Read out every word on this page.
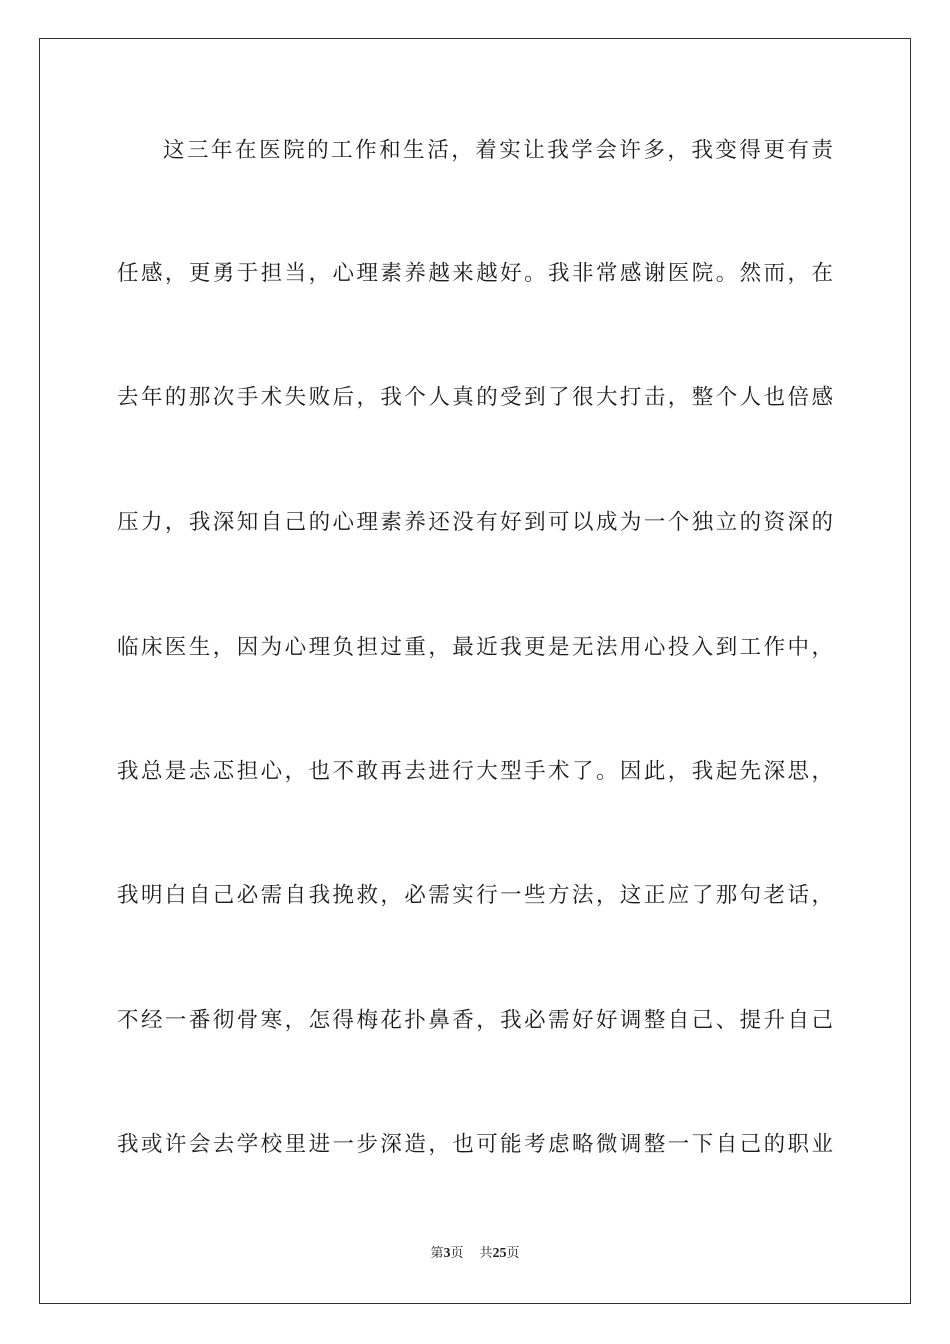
这三年在医院的工作和生活，着实让我学会许多，我变得更有责
任感，更勇于担当，心理素养越来越好。我非常感谢医院。然而，在
去年的那次手术失败后，我个人真的受到了很大打击，整个人也倍感
压力，我深知自己的心理素养还没有好到可以成为一个独立的资深的
临床医生，因为心理负担过重，最近我更是无法用心投入到工作中，
我总是忐忑担心，也不敢再去进行大型手术了。因此，我起先深思，
我明白自己必需自我挽救，必需实行一些方法，这正应了那句老话，
不经一番彻骨寒，怎得梅花扑鼻香，我必需好好调整自己、提升自己
我或许会去学校里进一步深造，也可能考虑略微调整一下自己的职业
第3页 共25页
